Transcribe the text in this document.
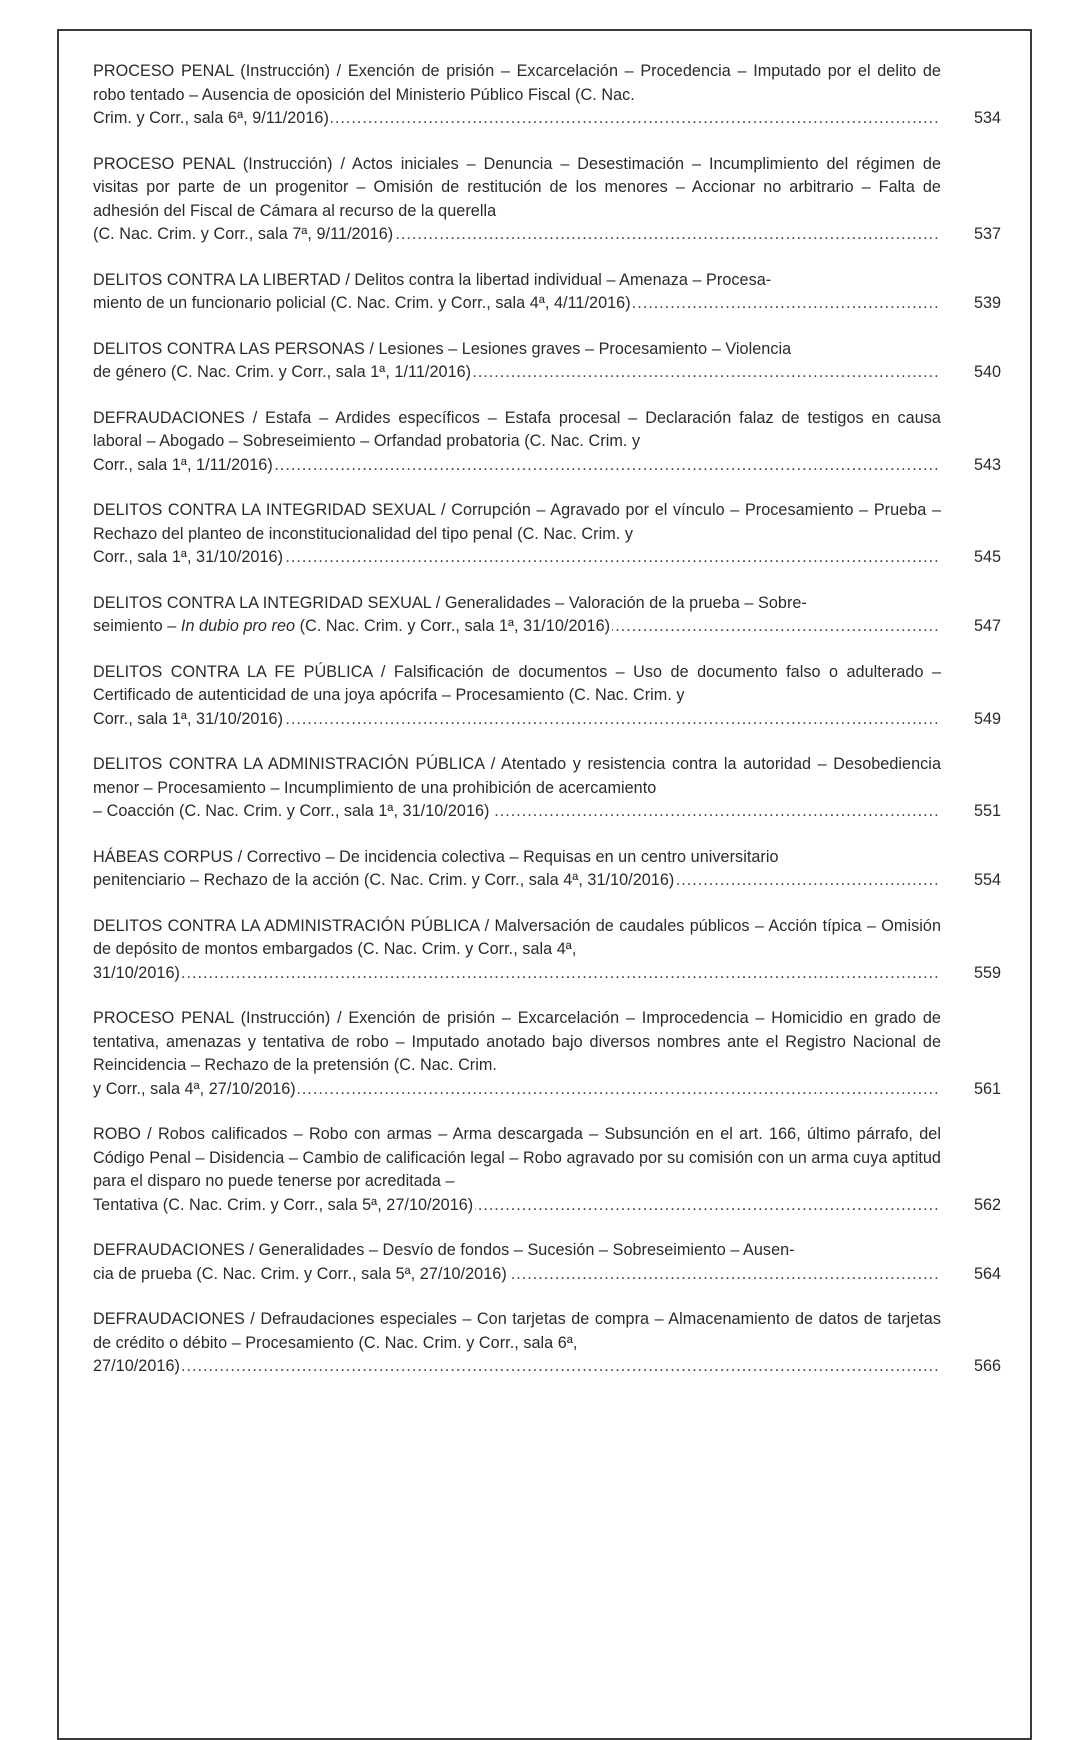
PROCESO PENAL (Instrucción) / Exención de prisión – Excarcelación – Procedencia – Imputado por el delito de robo tentado – Ausencia de oposición del Ministerio Público Fiscal (C. Nac.
Crim. y Corr., sala 6ª, 9/11/2016) .....	534
PROCESO PENAL (Instrucción) / Actos iniciales – Denuncia – Desestimación – Incumplimiento del régimen de visitas por parte de un progenitor – Omisión de restitución de los menores – Accionar no arbitrario – Falta de adhesión del Fiscal de Cámara al recurso de la querella
(C. Nac. Crim. y Corr., sala 7ª, 9/11/2016) .....	537
DELITOS CONTRA LA LIBERTAD / Delitos contra la libertad individual – Amenaza – Procesa-
miento de un funcionario policial (C. Nac. Crim. y Corr., sala 4ª, 4/11/2016) .....	539
DELITOS CONTRA LAS PERSONAS / Lesiones – Lesiones graves – Procesamiento – Violencia
de género (C. Nac. Crim. y Corr., sala 1ª, 1/11/2016) .....	540
DEFRAUDACIONES / Estafa – Ardides específicos – Estafa procesal – Declaración falaz de testigos en causa laboral – Abogado – Sobreseimiento – Orfandad probatoria (C. Nac. Crim. y
Corr., sala 1ª, 1/11/2016) .....	543
DELITOS CONTRA LA INTEGRIDAD SEXUAL / Corrupción – Agravado por el vínculo – Procesamiento – Prueba – Rechazo del planteo de inconstitucionalidad del tipo penal (C. Nac. Crim. y
Corr., sala 1ª, 31/10/2016) .....	545
DELITOS CONTRA LA INTEGRIDAD SEXUAL / Generalidades – Valoración de la prueba – Sobre-
seimiento – In dubio pro reo (C. Nac. Crim. y Corr., sala 1ª, 31/10/2016) .....	547
DELITOS CONTRA LA FE PÚBLICA / Falsificación de documentos – Uso de documento falso o adulterado – Certificado de autenticidad de una joya apócrifa – Procesamiento (C. Nac. Crim. y
Corr., sala 1ª, 31/10/2016) .....	549
DELITOS CONTRA LA ADMINISTRACIÓN PÚBLICA / Atentado y resistencia contra la autoridad – Desobediencia menor – Procesamiento – Incumplimiento de una prohibición de acercamiento
– Coacción (C. Nac. Crim. y Corr., sala 1ª, 31/10/2016) .....	551
HÁBEAS CORPUS / Correctivo – De incidencia colectiva – Requisas en un centro universitario
penitenciario – Rechazo de la acción (C. Nac. Crim. y Corr., sala 4ª, 31/10/2016) .....	554
DELITOS CONTRA LA ADMINISTRACIÓN PÚBLICA / Malversación de caudales públicos – Acción típica – Omisión de depósito de montos embargados (C. Nac. Crim. y Corr., sala 4ª,
31/10/2016) .....	559
PROCESO PENAL (Instrucción) / Exención de prisión – Excarcelación – Improcedencia – Homicidio en grado de tentativa, amenazas y tentativa de robo – Imputado anotado bajo diversos nombres ante el Registro Nacional de Reincidencia – Rechazo de la pretensión (C. Nac. Crim.
y Corr., sala 4ª, 27/10/2016) .....	561
ROBO / Robos calificados – Robo con armas – Arma descargada – Subsunción en el art. 166, último párrafo, del Código Penal – Disidencia – Cambio de calificación legal – Robo agravado por su comisión con un arma cuya aptitud para el disparo no puede tenerse por acreditada –
Tentativa (C. Nac. Crim. y Corr., sala 5ª, 27/10/2016) .....	562
DEFRAUDACIONES / Generalidades – Desvío de fondos – Sucesión – Sobreseimiento – Ausen-
cia de prueba (C. Nac. Crim. y Corr., sala 5ª, 27/10/2016) .....	564
DEFRAUDACIONES / Defraudaciones especiales – Con tarjetas de compra – Almacenamiento de datos de tarjetas de crédito o débito – Procesamiento (C. Nac. Crim. y Corr., sala 6ª,
27/10/2016) .....	566
